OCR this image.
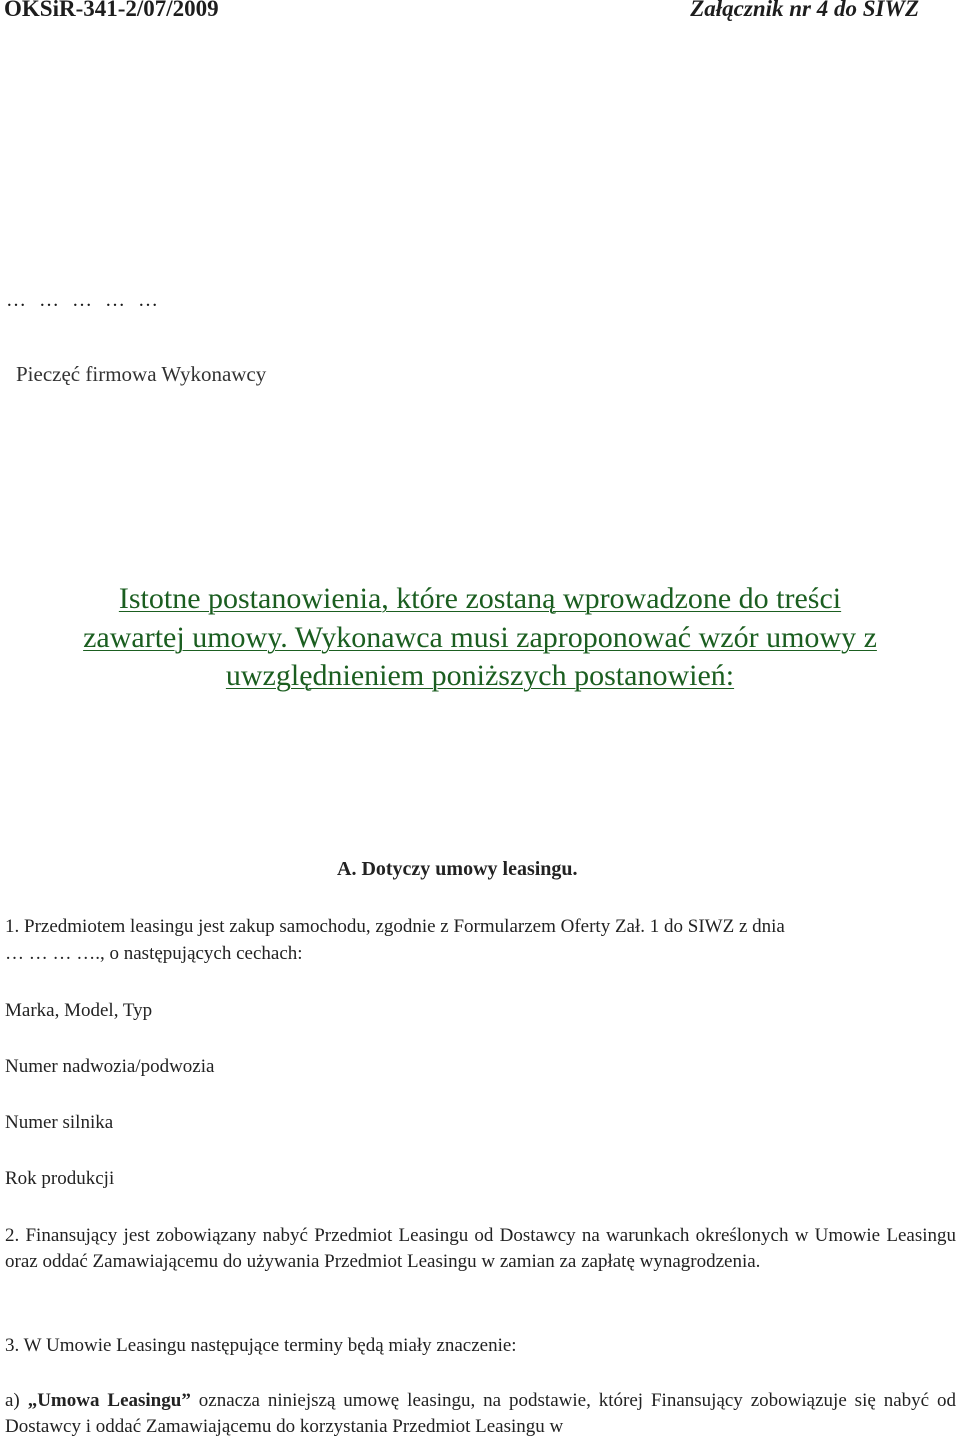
OKSiR-341-2/07/2009	Załącznik nr 4 do SIWZ
… … … … …
Pieczęć firmowa Wykonawcy
Istotne postanowienia, które zostaną wprowadzone do treści
zawartej umowy. Wykonawca musi zaproponować wzór umowy z
uwzględnieniem poniższych postanowień:
A. Dotyczy umowy leasingu.
1. Przedmiotem leasingu jest zakup samochodu, zgodnie z Formularzem Oferty Zał. 1 do SIWZ z dnia
… … … …., o następujących cechach:
Marka, Model, Typ
Numer nadwozia/podwozia
Numer silnika
Rok produkcji

2. Finansujący jest zobowiązany nabyć Przedmiot Leasingu od Dostawcy na warunkach określonych w Umowie Leasingu oraz oddać Zamawiającemu do używania Przedmiot Leasingu w zamian za zapłatę wynagrodzenia.

3. W Umowie Leasingu następujące terminy będą miały znaczenie:

a) „Umowa Leasingu” oznacza niniejszą umowę leasingu, na podstawie, której Finansujący zobowiązuje się nabyć od Dostawcy i oddać Zamawiającemu do korzystania Przedmiot Leasingu w
